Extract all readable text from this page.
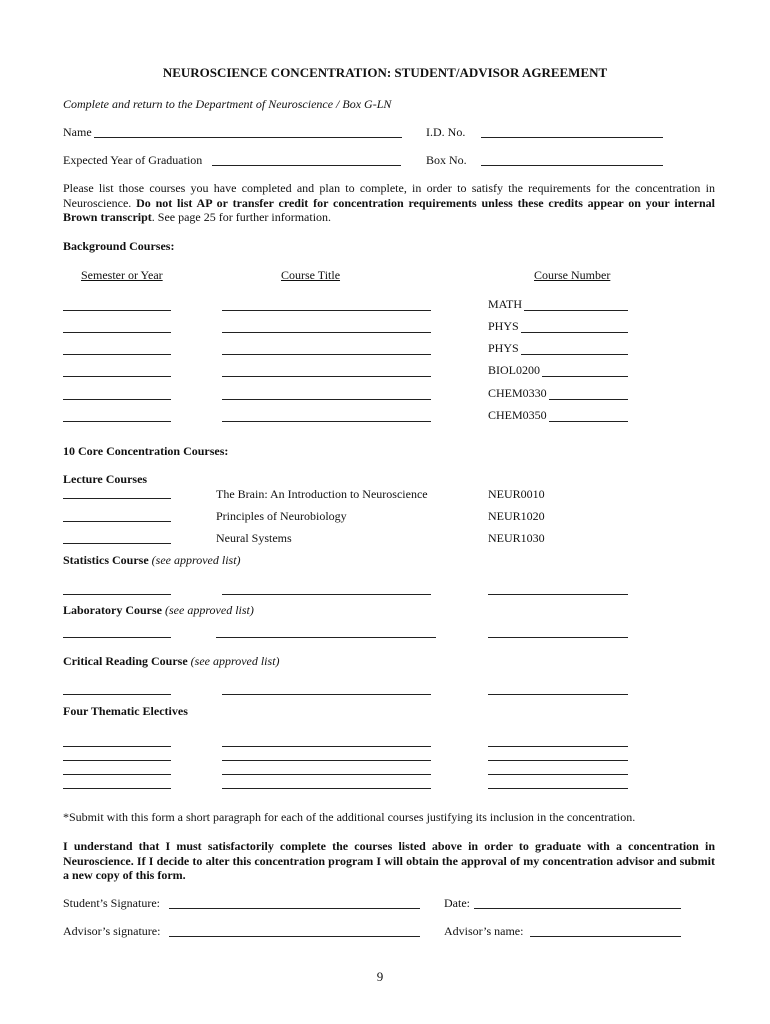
NEUROSCIENCE CONCENTRATION: STUDENT/ADVISOR AGREEMENT
Complete and return to the Department of Neuroscience / Box G-LN
Name	I.D. No.
Expected Year of Graduation	Box No.
Please list those courses you have completed and plan to complete, in order to satisfy the requirements for the concentration in Neuroscience. Do not list AP or transfer credit for concentration requirements unless these credits appear on your internal Brown transcript. See page 25 for further information.
Background Courses:
Semester or Year	Course Title	Course Number
MATH
PHYS
PHYS
BIOL0200
CHEM0330
CHEM0350
10 Core Concentration Courses:
Lecture Courses
The Brain: An Introduction to Neuroscience	NEUR0010
Principles of Neurobiology	NEUR1020
Neural Systems	NEUR1030
Statistics Course (see approved list)
Laboratory Course (see approved list)
Critical Reading Course (see approved list)
Four Thematic Electives
*Submit with this form a short paragraph for each of the additional courses justifying its inclusion in the concentration.
I understand that I must satisfactorily complete the courses listed above in order to graduate with a concentration in Neuroscience. If I decide to alter this concentration program I will obtain the approval of my concentration advisor and submit a new copy of this form.
Student’s Signature:	Date:
Advisor’s signature:	Advisor’s name:
9
